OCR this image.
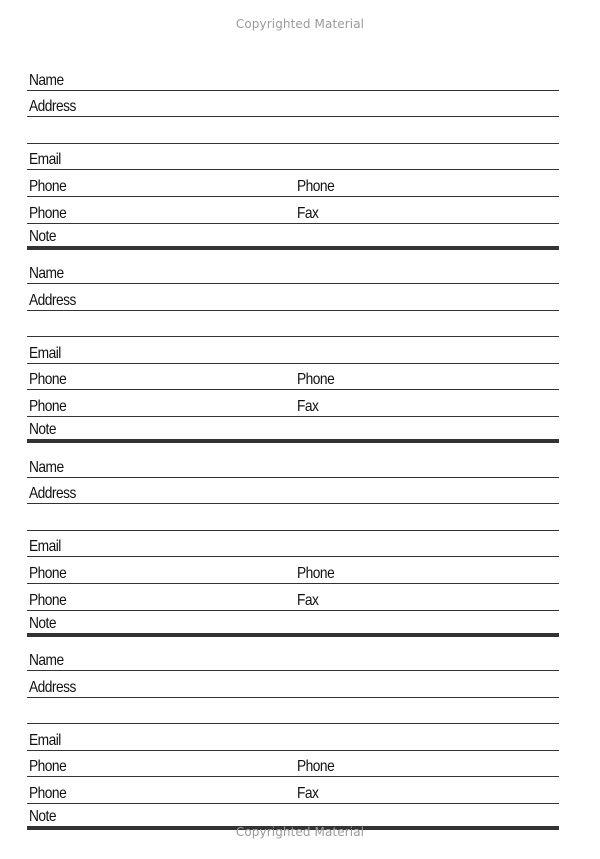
Copyrighted Material
Name
Address
Email
Phone	Phone
Phone	Fax
Note
Name
Address
Email
Phone	Phone
Phone	Fax
Note
Name
Address
Email
Phone	Phone
Phone	Fax
Note
Name
Address
Email
Phone	Phone
Phone	Fax
Note
Copyrighted Material
